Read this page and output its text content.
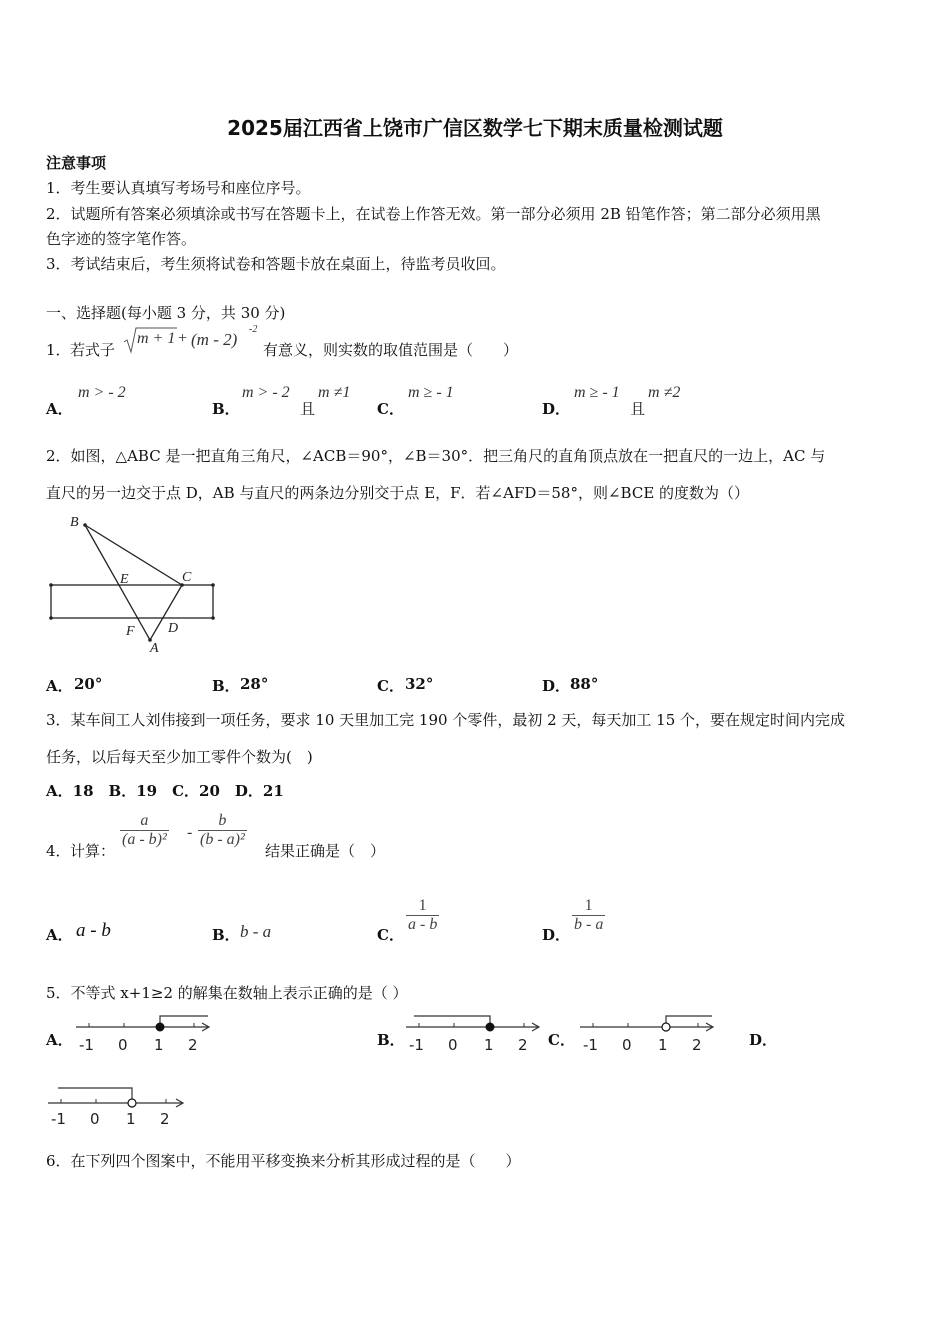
2025届江西省上饶市广信区数学七下期末质量检测试题
注意事项
1．考生要认真填写考场号和座位序号。
2．试题所有答案必须填涂或书写在答题卡上，在试卷上作答无效。第一部分必须用 2B 铅笔作答；第二部分必须用黑
色字迹的签字笔作答。
3．考试结束后，考生须将试卷和答题卡放在桌面上，待监考员收回。
一、选择题(每小题 3 分，共 30 分)
1． 若式子
m + 1 + (m - 2)
-2
有意义，则实数的取值范围是（　　）
A．
m > - 2
B．
m > - 2
且
m ≠1
C．
m ≥ - 1
D．
m ≥ - 1
且
m ≠2
2．如图，△ABC 是一把直角三角尺，∠ACB＝90°，∠B＝30°．把三角尺的直角顶点放在一把直尺的一边上，AC 与
直尺的另一边交于点 D，AB 与直尺的两条边分别交于点 E，F．若∠AFD＝58°，则∠BCE 的度数为（）
B
E	C
F D
A
A． 20°	B． 28°	C． 32°	D． 88°
3．某车间工人刘伟接到一项任务，要求 10 天里加工完 190 个零件，最初 2 天，每天加工 15 个，要在规定时间内完成
任务，以后每天至少加工零件个数为(　)
A．18　B．19　C．20　D．21
4． 计算：
$\frac{a}{\text{(a - b)²}} - \frac{b}{\text{(b - a)²}}$
结果正确是（　）
A． a - b	B． b - a	C．
$\frac{1}{a - b}$
D．
$\frac{1}{b - a}$
5．不等式 x+1≥2 的解集在数轴上表示正确的是（ ）
A． -1 0 1 2	B． -1 0 1 2 C． -1 0 1 2	D．
-1 0 1 2
6．在下列四个图案中，不能用平移变换来分析其形成过程的是（　　）
